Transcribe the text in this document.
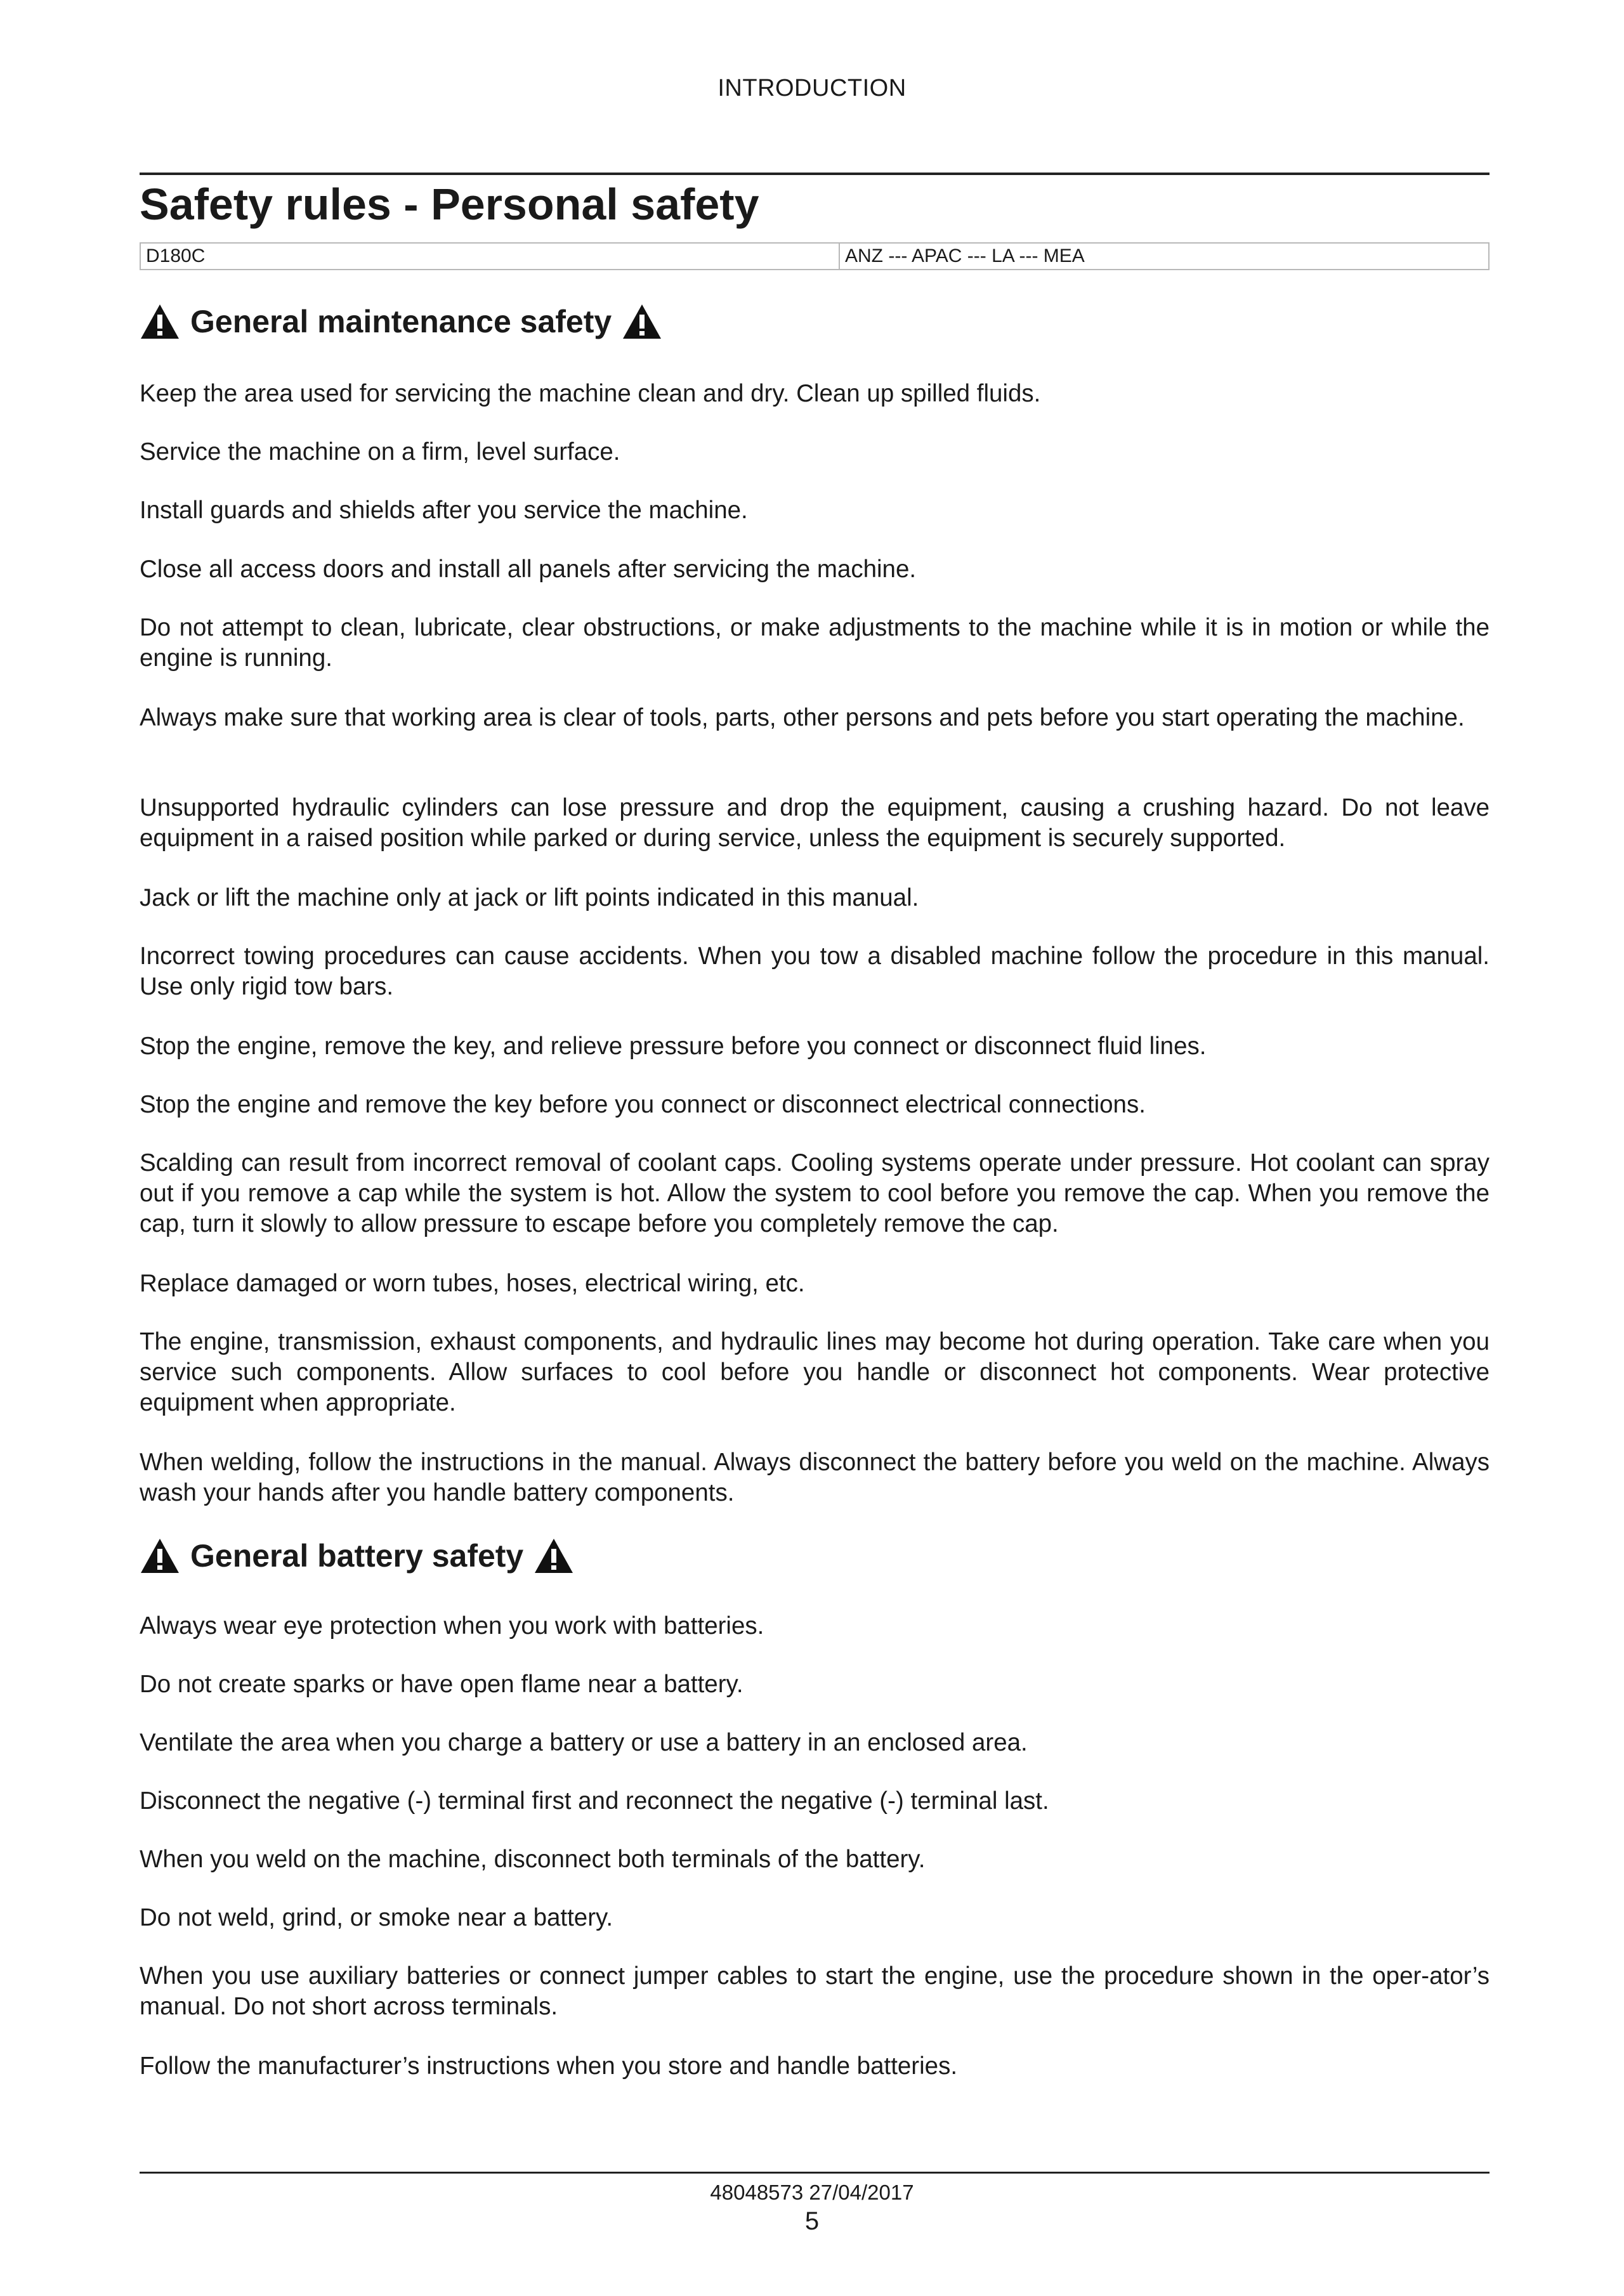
INTRODUCTION
Safety rules - Personal safety
D180C	ANZ --- APAC --- LA --- MEA
General maintenance safety

Keep the area used for servicing the machine clean and dry. Clean up spilled fluids.

Service the machine on a firm, level surface.

Install guards and shields after you service the machine.

Close all access doors and install all panels after servicing the machine.

Do not attempt to clean, lubricate, clear obstructions, or make adjustments to the machine while it is in motion or while the engine is running.

Always make sure that working area is clear of tools, parts, other persons and pets before you start operating the machine.

Unsupported hydraulic cylinders can lose pressure and drop the equipment, causing a crushing hazard. Do not leave equipment in a raised position while parked or during service, unless the equipment is securely supported.

Jack or lift the machine only at jack or lift points indicated in this manual.

Incorrect towing procedures can cause accidents. When you tow a disabled machine follow the procedure in this manual. Use only rigid tow bars.

Stop the engine, remove the key, and relieve pressure before you connect or disconnect fluid lines.

Stop the engine and remove the key before you connect or disconnect electrical connections.

Scalding can result from incorrect removal of coolant caps. Cooling systems operate under pressure. Hot coolant can spray out if you remove a cap while the system is hot. Allow the system to cool before you remove the cap. When you remove the cap, turn it slowly to allow pressure to escape before you completely remove the cap.

Replace damaged or worn tubes, hoses, electrical wiring, etc.

The engine, transmission, exhaust components, and hydraulic lines may become hot during operation. Take care when you service such components. Allow surfaces to cool before you handle or disconnect hot components. Wear protective equipment when appropriate.

When welding, follow the instructions in the manual. Always disconnect the battery before you weld on the machine. Always wash your hands after you handle battery components.

General battery safety

Always wear eye protection when you work with batteries.

Do not create sparks or have open flame near a battery.

Ventilate the area when you charge a battery or use a battery in an enclosed area.

Disconnect the negative (-) terminal first and reconnect the negative (-) terminal last.

When you weld on the machine, disconnect both terminals of the battery.

Do not weld, grind, or smoke near a battery.

When you use auxiliary batteries or connect jumper cables to start the engine, use the procedure shown in the oper-ator’s manual. Do not short across terminals.

Follow the manufacturer’s instructions when you store and handle batteries.

48048573 27/04/2017
5
